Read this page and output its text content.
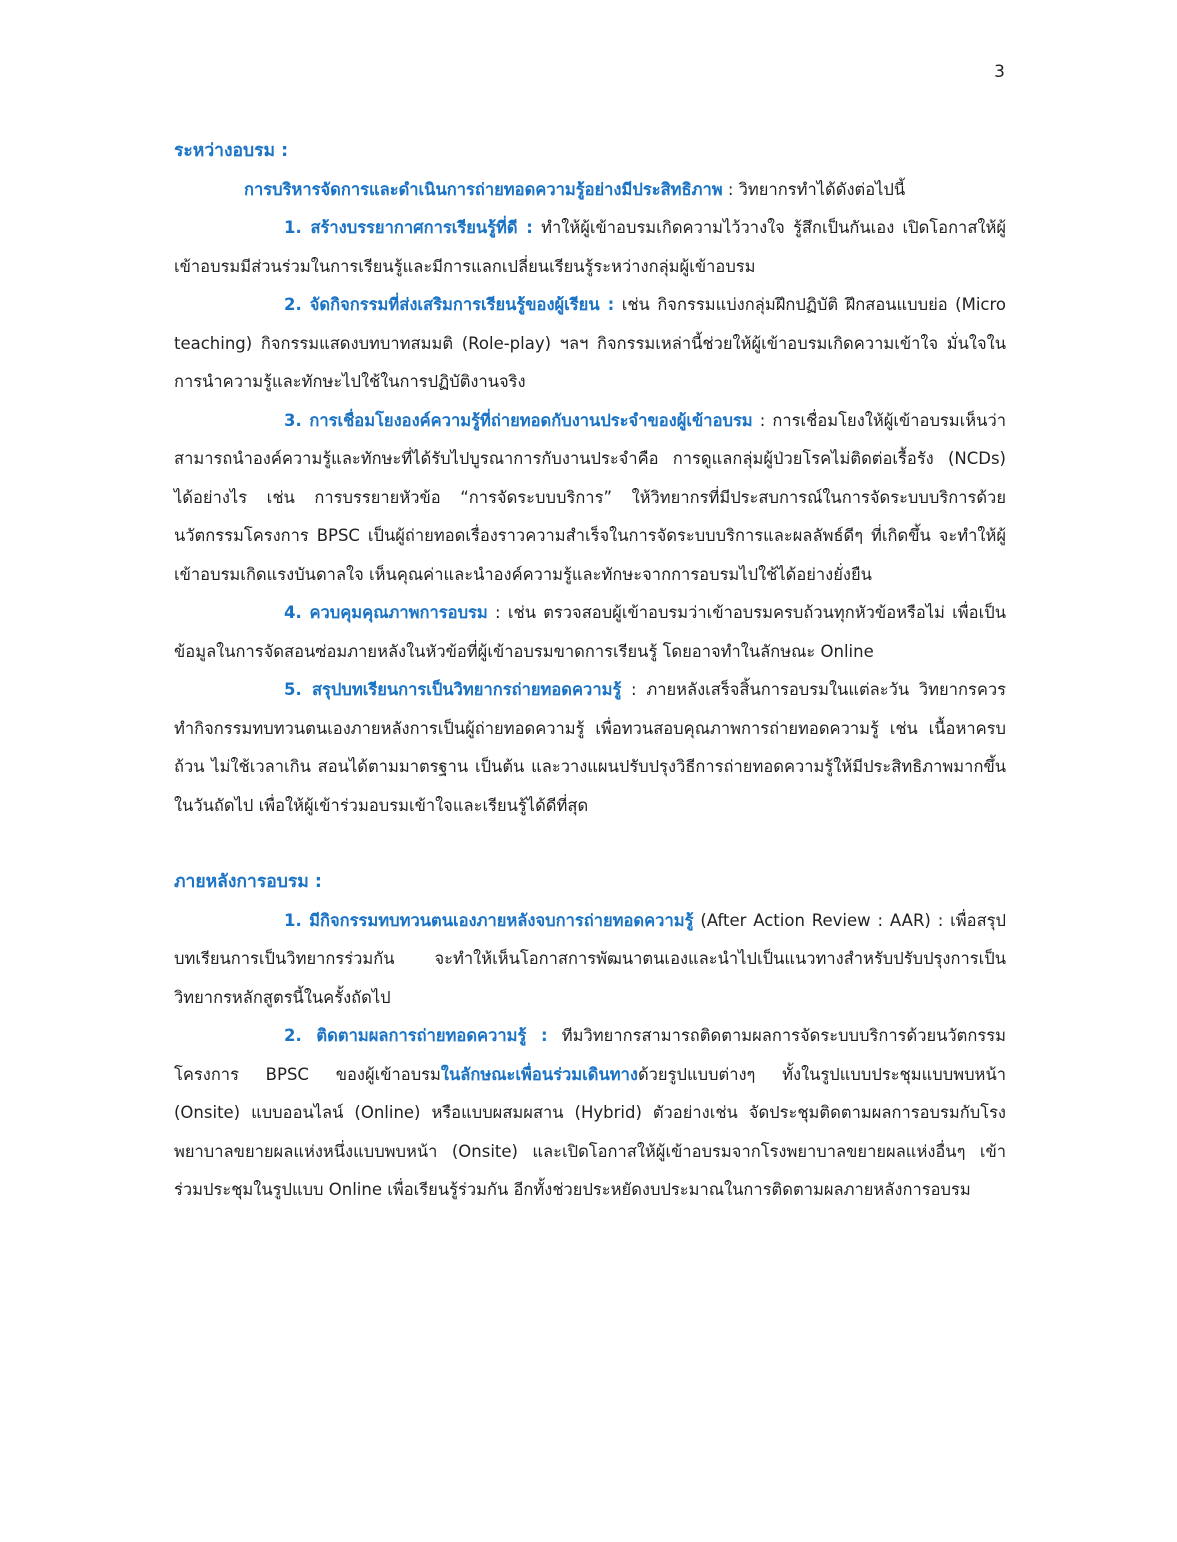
3
ระหว่างอบรม :

การบริหารจัดการและดำเนินการถ่ายทอดความรู้อย่างมีประสิทธิภาพ : วิทยากรทำได้ดังต่อไปนี้

1. สร้างบรรยากาศการเรียนรู้ที่ดี : ทำให้ผู้เข้าอบรมเกิดความไว้วางใจ รู้สึกเป็นกันเอง เปิดโอกาสให้ผู้เข้าอบรมมีส่วนร่วมในการเรียนรู้และมีการแลกเปลี่ยนเรียนรู้ระหว่างกลุ่มผู้เข้าอบรม

2. จัดกิจกรรมที่ส่งเสริมการเรียนรู้ของผู้เรียน : เช่น กิจกรรมแบ่งกลุ่มฝึกปฏิบัติ ฝึกสอนแบบย่อ (Micro teaching) กิจกรรมแสดงบทบาทสมมติ (Role-play) ฯลฯ กิจกรรมเหล่านี้ช่วยให้ผู้เข้าอบรมเกิดความเข้าใจ มั่นใจในการนำความรู้และทักษะไปใช้ในการปฏิบัติงานจริง

3. การเชื่อมโยงองค์ความรู้ที่ถ่ายทอดกับงานประจำของผู้เข้าอบรม : การเชื่อมโยงให้ผู้เข้าอบรมเห็นว่าสามารถนำองค์ความรู้และทักษะที่ได้รับไปบูรณาการกับงานประจำคือ การดูแลกลุ่มผู้ป่วยโรคไม่ติดต่อเรื้อรัง (NCDs) ได้อย่างไร เช่น การบรรยายหัวข้อ “การจัดระบบบริการ” ให้วิทยากรที่มีประสบการณ์ในการจัดระบบบริการด้วยนวัตกรรมโครงการ BPSC เป็นผู้ถ่ายทอดเรื่องราวความสำเร็จในการจัดระบบบริการและผลลัพธ์ดีๆ ที่เกิดขึ้น จะทำให้ผู้เข้าอบรมเกิดแรงบันดาลใจ เห็นคุณค่าและนำองค์ความรู้และทักษะจากการอบรมไปใช้ได้อย่างยั่งยืน

4. ควบคุมคุณภาพการอบรม : เช่น ตรวจสอบผู้เข้าอบรมว่าเข้าอบรมครบถ้วนทุกหัวข้อหรือไม่ เพื่อเป็นข้อมูลในการจัดสอนซ่อมภายหลังในหัวข้อที่ผู้เข้าอบรมขาดการเรียนรู้ โดยอาจทำในลักษณะ Online

5. สรุปบทเรียนการเป็นวิทยากรถ่ายทอดความรู้ : ภายหลังเสร็จสิ้นการอบรมในแต่ละวัน วิทยากรควรทำกิจกรรมทบทวนตนเองภายหลังการเป็นผู้ถ่ายทอดความรู้ เพื่อทวนสอบคุณภาพการถ่ายทอดความรู้ เช่น เนื้อหาครบถ้วน ไม่ใช้เวลาเกิน สอนได้ตามมาตรฐาน เป็นต้น และวางแผนปรับปรุงวิธีการถ่ายทอดความรู้ให้มีประสิทธิภาพมากขึ้นในวันถัดไป เพื่อให้ผู้เข้าร่วมอบรมเข้าใจและเรียนรู้ได้ดีที่สุด

ภายหลังการอบรม :

1. มีกิจกรรมทบทวนตนเองภายหลังจบการถ่ายทอดความรู้ (After Action Review : AAR) : เพื่อสรุปบทเรียนการเป็นวิทยากรร่วมกัน จะทำให้เห็นโอกาสการพัฒนาตนเองและนำไปเป็นแนวทางสำหรับปรับปรุงการเป็นวิทยากรหลักสูตรนี้ในครั้งถัดไป

2. ติดตามผลการถ่ายทอดความรู้ : ทีมวิทยากรสามารถติดตามผลการจัดระบบบริการด้วยนวัตกรรมโครงการ BPSC ของผู้เข้าอบรมในลักษณะเพื่อนร่วมเดินทางด้วยรูปแบบต่างๆ ทั้งในรูปแบบประชุมแบบพบหน้า (Onsite) แบบออนไลน์ (Online) หรือแบบผสมผสาน (Hybrid) ตัวอย่างเช่น จัดประชุมติดตามผลการอบรมกับโรงพยาบาลขยายผลแห่งหนึ่งแบบพบหน้า (Onsite) และเปิดโอกาสให้ผู้เข้าอบรมจากโรงพยาบาลขยายผลแห่งอื่นๆ เข้าร่วมประชุมในรูปแบบ Online เพื่อเรียนรู้ร่วมกัน อีกทั้งช่วยประหยัดงบประมาณในการติดตามผลภายหลังการอบรม
